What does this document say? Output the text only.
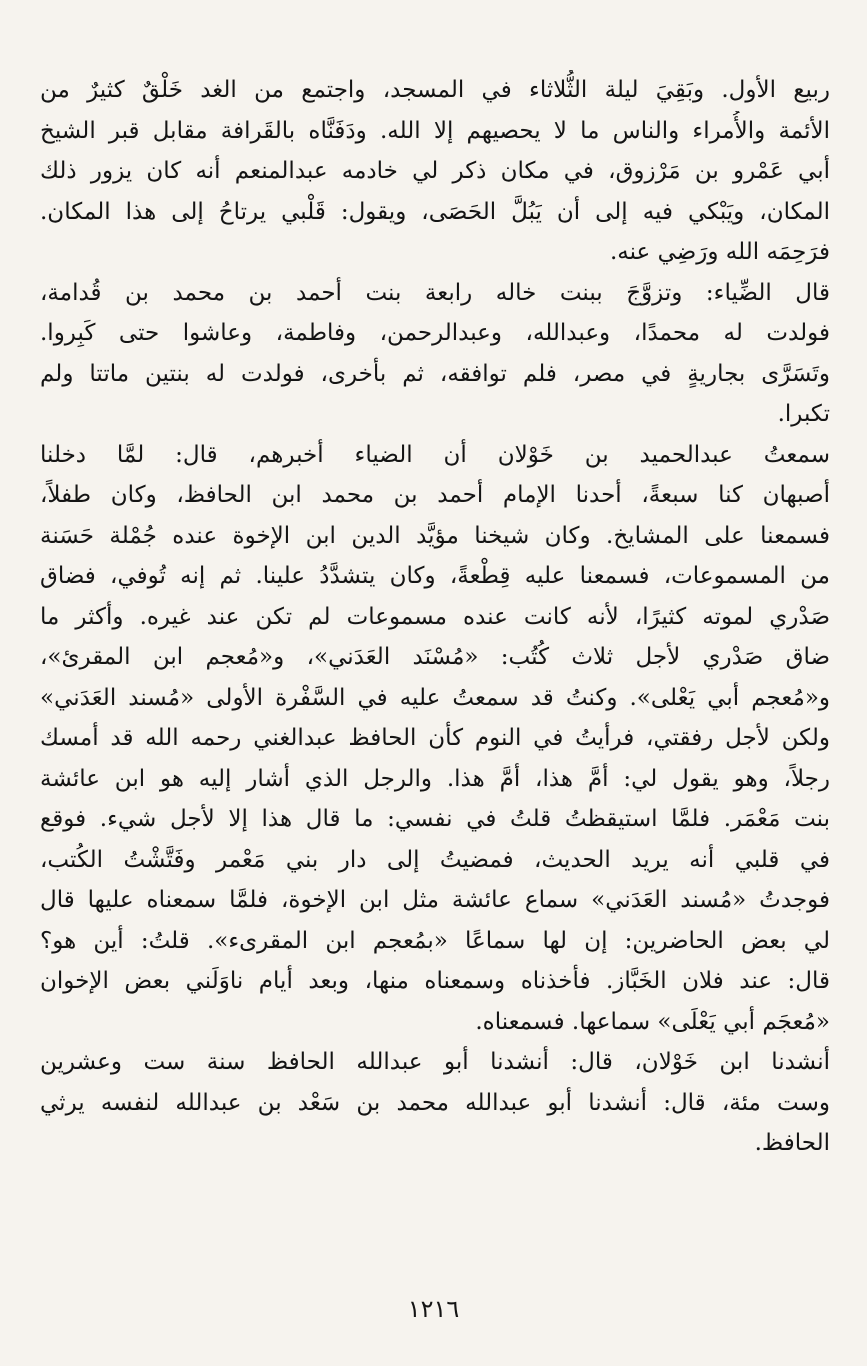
ربيع الأول. وبَقِيَ ليلة الثُّلاثاء في المسجد، واجتمع من الغد خَلْقٌ كثيرٌ من
الأئمة والأُمراء والناس ما لا يحصيهم إلا الله. ودَفَنَّاه بالقَرافة مقابل قبر الشيخ
أبي عَمْرو بن مَرْزوق، في مكان ذكر لي خادمه عبدالمنعم أنه كان يزور ذلك
المكان، ويَبْكي فيه إلى أن يَبُلَّ الحَصَى، ويقول: قَلْبي يرتاحُ إلى هذا المكان.
فرَحِمَه الله ورَضِي عنه.
قال الضِّياء: وتزوَّجَ ببنت خاله رابعة بنت أحمد بن محمد بن قُدامة،
فولدت له محمدًا، وعبدالله، وعبدالرحمن، وفاطمة، وعاشوا حتى كَبِروا.
وتَسَرَّى بجاريةٍ في مصر، فلم توافقه، ثم بأخرى، فولدت له بنتين ماتتا ولم
تكبرا.
سمعتُ عبدالحميد بن خَوْلان أن الضياء أخبرهم، قال: لمَّا دخلنا
أصبهان كنا سبعةً، أحدنا الإمام أحمد بن محمد ابن الحافظ، وكان طفلاً،
فسمعنا على المشايخ. وكان شيخنا مؤيَّد الدين ابن الإخوة عنده جُمْلة حَسَنة
من المسموعات، فسمعنا عليه قِطْعةً، وكان يتشدَّدُ علينا. ثم إنه تُوفي، فضاق
صَدْري لموته كثيرًا، لأنه كانت عنده مسموعات لم تكن عند غيره. وأكثر ما
ضاق صَدْري لأجل ثلاث كُتُب: «مُسْنَد العَدَني»، و«مُعجم ابن المقرئ»،
و«مُعجم أبي يَعْلى». وكنتُ قد سمعتُ عليه في السَّفْرة الأولى «مُسند العَدَني»
ولكن لأجل رفقتي، فرأيتُ في النوم كأن الحافظ عبدالغني رحمه الله قد أمسك
رجلاً، وهو يقول لي: أمَّ هذا، أمَّ هذا. والرجل الذي أشار إليه هو ابن عائشة
بنت مَعْمَر. فلمَّا استيقظتُ قلتُ في نفسي: ما قال هذا إلا لأجل شيء. فوقع
في قلبي أنه يريد الحديث، فمضيتُ إلى دار بني مَعْمر وفَتَّشْتُ الكُتب،
فوجدتُ «مُسند العَدَني» سماع عائشة مثل ابن الإخوة، فلمَّا سمعناه عليها قال
لي بعض الحاضرين: إن لها سماعًا «بمُعجم ابن المقرىء». قلتُ: أين هو؟
قال: عند فلان الخَبَّاز. فأخذناه وسمعناه منها، وبعد أيام ناوَلَني بعض الإخوان
«مُعجَم أبي يَعْلَى» سماعها. فسمعناه.
أنشدنا ابن خَوْلان، قال: أنشدنا أبو عبدالله الحافظ سنة ست وعشرين
وست مئة، قال: أنشدنا أبو عبدالله محمد بن سَعْد بن عبدالله لنفسه يرثي
الحافظ.
١٢١٦
